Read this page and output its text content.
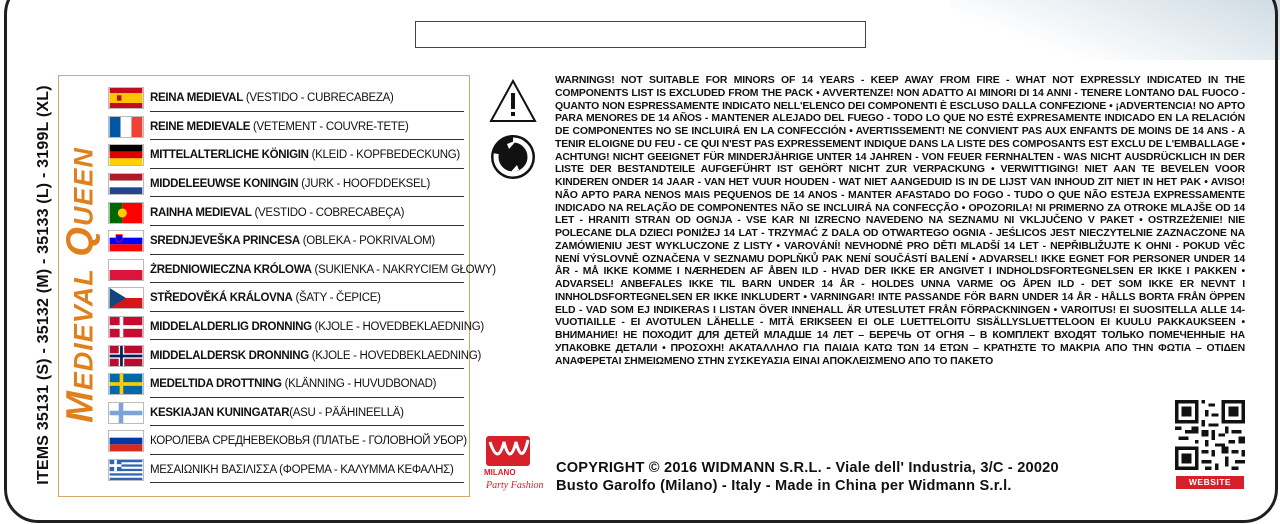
ITEMS 35131 (S) - 35132 (M) - 35133 (L) - 3199L (XL) Medieval Queen
REINA MEDIEVAL (VESTIDO - CUBRECABEZA)
REINE MEDIEVALE (VETEMENT - COUVRE-TETE)
MITTELALTERLICHE KÖNIGIN (KLEID - KOPFBEDECKUNG)
MIDDELEEUWSE KONINGIN (JURK - HOOFDDEKSEL)
RAINHA MEDIEVAL (VESTIDO - COBRECABEÇA)
SREDNJEVEŠKA PRINCESA (OBLEKA - POKRIVALOM)
ŻREDNIOWIECZNA KRÓLOWA (SUKIENKA - NAKRYCIEM GŁOWY)
STŘEDOVĚKÁ KRÁLOVNA (ŠATY - ČEPICE)
MIDDELALDERLIG DRONNING (KJOLE - HOVEDBEKLAEDNING)
MIDDELALDERSK DRONNING (KJOLE - HOVEDBEKLAEDNING)
MEDELTIDA DROTTNING (KLÄNNING - HUVUDBONAD)
KESKIAJAN KUNINGATAR(ASU - PÄÄHINEELLÄ)
КОРОЛЕВА СРЕДНЕВЕКОВЬЯ (ПЛАТЬЕ - ГОЛОВНОЙ УБОР)
ΜΕΣΑΙΩΝΙΚΗ ΒΑΣΙΛΙΣΣΑ (ΦΟΡΕΜΑ - ΚΑΛΥΜΜΑ ΚΕΦΑΛΗΣ)
WARNINGS! NOT SUITABLE FOR MINORS OF 14 YEARS - KEEP AWAY FROM FIRE - WHAT NOT EXPRESSLY INDICATED IN THE COMPONENTS LIST IS EXCLUDED FROM THE PACK • AVVERTENZE! NON ADATTO AI MINORI DI 14 ANNI - TENERE LONTANO DAL FUOCO - QUANTO NON ESPRESSAMENTE INDICATO NELL'ELENCO DEI COMPONENTI È ESCLUSO DALLA CONFEZIONE • ¡ADVERTENCIA! NO APTO PARA MENORES DE 14 AÑOS - MANTENER ALEJADO DEL FUEGO - TODO LO QUE NO ESTÉ EXPRESAMENTE INDICADO EN LA RELACIÓN DE COMPONENTES NO SE INCLUIRÁ EN LA CONFECCIÓN • AVERTISSEMENT! NE CONVIENT PAS AUX ENFANTS DE MOINS DE 14 ANS - A TENIR ELOIGNE DU FEU - CE QUI N'EST PAS EXPRESSEMENT INDIQUE DANS LA LISTE DES COMPOSANTS EST EXCLU DE L'EMBALLAGE • ACHTUNG! NICHT GEEIGNET FÜR MINDERJÄHRIGE UNTER 14 JAHREN - VON FEUER FERNHALTEN - WAS NICHT AUSDRÜCKLICH IN DER LISTE DER BESTANDTEILE AUFGEFÜHRT IST GEHÖRT NICHT ZUR VERPACKUNG • VERWITTIGING! NIET AAN TE BEVELEN VOOR KINDEREN ONDER 14 JAAR - VAN HET VUUR HOUDEN - WAT NIET AANGEDUID IS IN DE LIJST VAN INHOUD ZIT NIET IN HET PAK • AVISO! NÃO APTO PARA NENOS MAIS PEQUENOS DE 14 ANOS - MANTER AFASTADO DO FOGO - TUDO O QUE NÃO ESTEJA EXPRESSAMENTE INDICADO NA RELAÇÃO DE COMPONENTES NÃO SE INCLUIRÁ NA CONFECÇÃO • OPOZORILA! NI PRIMERNO ZA OTROKE MLAJŠE OD 14 LET - HRANITI STRAN OD OGNJA - VSE KAR NI IZRECNO NAVEDENO NA SEZNAMU NI VKLJUČENO V PAKET • OSTRZEŻENIE! NIE POLECANE DLA DZIECI PONIŻEJ 14 LAT - TRZYMAĆ Z DALA OD OTWARTEGO OGNIA - JEŚLICOS JEST NIECZYTELNIE ZAZNACZONE NA ZAMÓWIENIU JEST WYKLUCZONE Z LISTY • VAROVÁNÍ! NEVHODNÉ PRO DĚTI MLADŠÍ 14 LET - NEPŘIBLIŽUJTE K OHNI - POKUD VĚC NENÍ VÝSLOVNĚ OZNAČENA V SEZNAMU DOPLŇKŮ PAK NENÍ SOUČÁSTÍ BALENÍ • ADVARSEL! IKKE EGNET FOR PERSONER UNDER 14 ÅR - MÅ IKKE KOMME I NÆRHEDEN AF ÅBEN ILD - HVAD DER IKKE ER ANGIVET I INDHOLDSFORTEGNELSEN ER IKKE I PAKKEN • ADVARSEL! ANBEFALES IKKE TIL BARN UNDER 14 ÅR - HOLDES UNNA VARME OG ÅPEN ILD - DET SOM IKKE ER NEVNT I INNHOLDSFORTEGNELSEN ER IKKE INKLUDERT • VARNINGAR! INTE PASSANDE FÖR BARN UNDER 14 ÅR - HÅLLS BORTA FRÅN ÖPPEN ELD - VAD SOM EJ INDIKERAS I LISTAN ÖVER INNEHALL ÄR UTESLUTET FRÅN FÖRPACKNINGEN • VAROITUS! EI SUOSITELLA ALLE 14-VUOTIAILLE - EI AVOTULEN LÄHELLE - MITÄ ERIKSEEN EI OLE LUETTELOITU SISÄLLYSLUETTELOON EI KUULU PAKKAUKSEEN • ВНИМАНИЕ! НЕ ПОХОДИТ ДЛЯ ДЕТЕЙ МЛАДШЕ 14 ЛЕТ – БЕРЕЧЬ ОТ ОГНЯ – В КОМПЛЕКТ ВХОДЯТ ТОЛЬКО ПОМЕЧЕННЫЕ НА УПАКОВКЕ ДЕТАЛИ • ΠΡΟΣΟΧΗ! ΑΚΑΤΑΛΛΗΛΟ ΓΙΑ ΠΑΙΔΙΑ ΚΑΤΩ ΤΩΝ 14 ΕΤΩΝ – ΚΡΑΤΗΣΤΕ ΤΟ ΜΑΚΡΙΑ ΑΠΟ ΤΗΝ ΦΩΤΙΑ – ΟΤΙΔΕΝ ΑΝΑΦΕΡΕΤΑΙ ΣΗΜΕΙΩΜΕΝΟ ΣΤΗΝ ΣΥΣΚΕΥΑΣΙΑ ΕΙΝΑΙ ΑΠΟΚΛΕΙΣΜΕΝΟ ΑΠΟ ΤΟ ΠΑΚΕΤΟ
MILANO
Party Fashion
COPYRIGHT © 2016 WIDMANN S.R.L. - Viale dell' Industria, 3/C - 20020
Busto Garolfo (Milano) - Italy - Made in China per Widmann S.r.l.	WEBSITE
